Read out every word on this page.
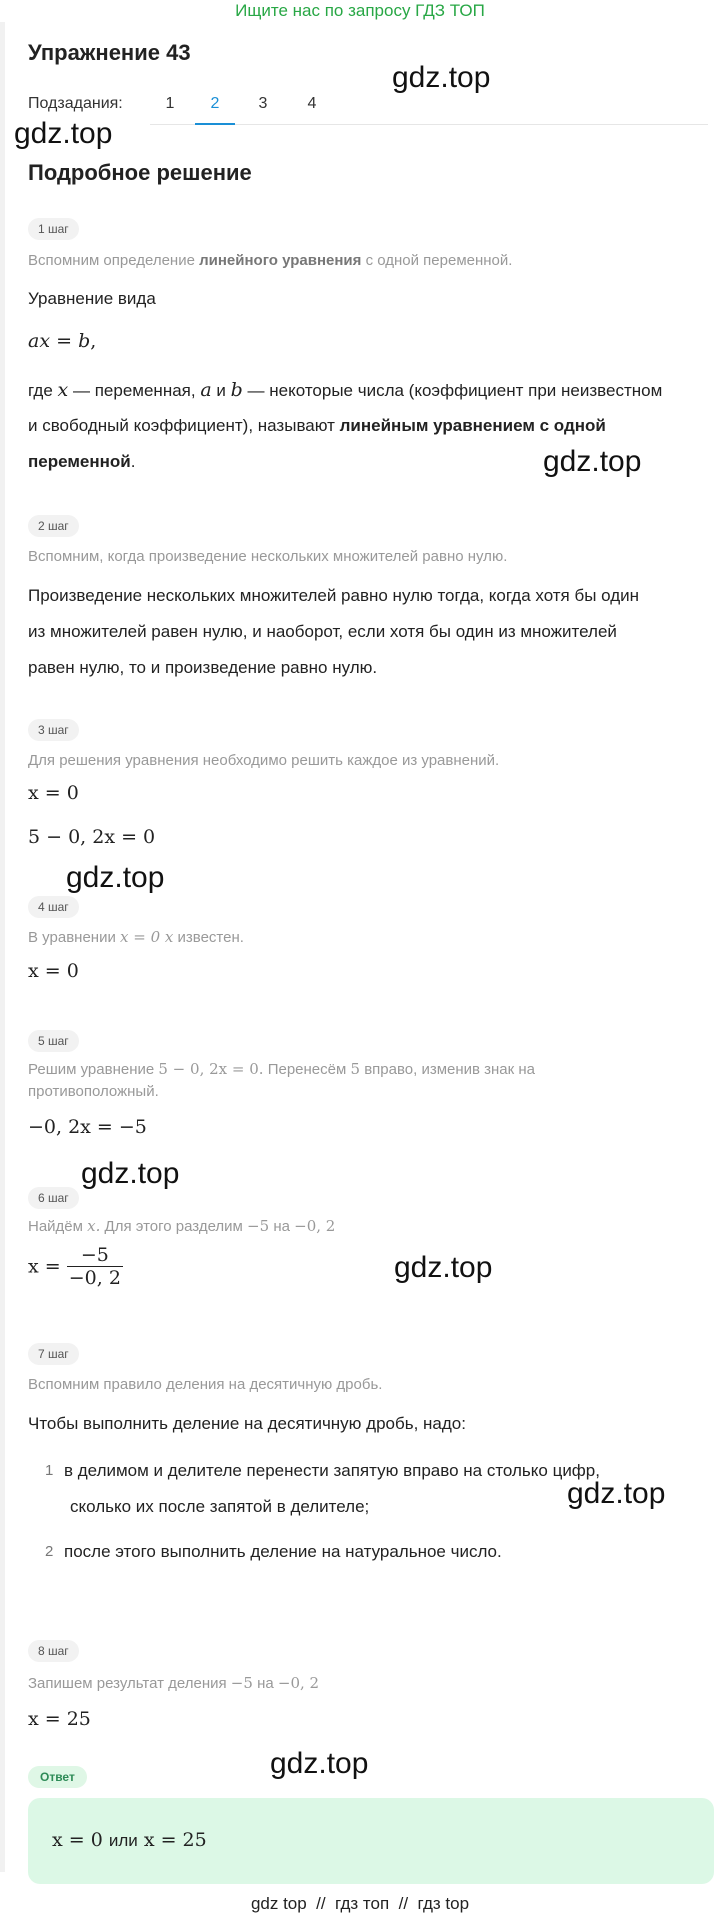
Ищите нас по запросу ГДЗ ТОП
Упражнение 43
Подзадания:	1	2	3	4
gdz.top
gdz.top
gdz.top
gdz.top
gdz.top
gdz.top
gdz.top
gdz.top
Подробное решение
1 шаг
Вспомним определение линейного уравнения с одной переменной.
Уравнение вида
ax = b,
где x — переменная, a и b — некоторые числа (коэффициент при неизвестном
и свободный коэффициент), называют линейным уравнением с одной
переменной.
2 шаг
Вспомним, когда произведение нескольких множителей равно нулю.
Произведение нескольких множителей равно нулю тогда, когда хотя бы один
из множителей равен нулю, и наоборот, если хотя бы один из множителей
равен нулю, то и произведение равно нулю.
3 шаг
Для решения уравнения необходимо решить каждое из уравнений.
x = 0
5 − 0, 2x = 0
4 шаг
В уравнении x = 0 x известен.
x = 0
5 шаг
Решим уравнение 5 − 0, 2x = 0. Перенесём 5 вправо, изменив знак на
противоположный.
−0, 2x = −5
6 шаг
Найдём x. Для этого разделим −5 на −0, 2
$x = \frac{-5}{-0, 2}$
7 шаг
Вспомним правило деления на десятичную дробь.
Чтобы выполнить деление на десятичную дробь, надо:
1 в делимом и делителе перенести запятую вправо на столько цифр,
сколько их после запятой в делителе;
2 после этого выполнить деление на натуральное число.
8 шаг
Запишем результат деления −5 на −0, 2
x = 25
Ответ
x = 0 или x = 25
gdz top  //  гдз топ  //  гдз top
